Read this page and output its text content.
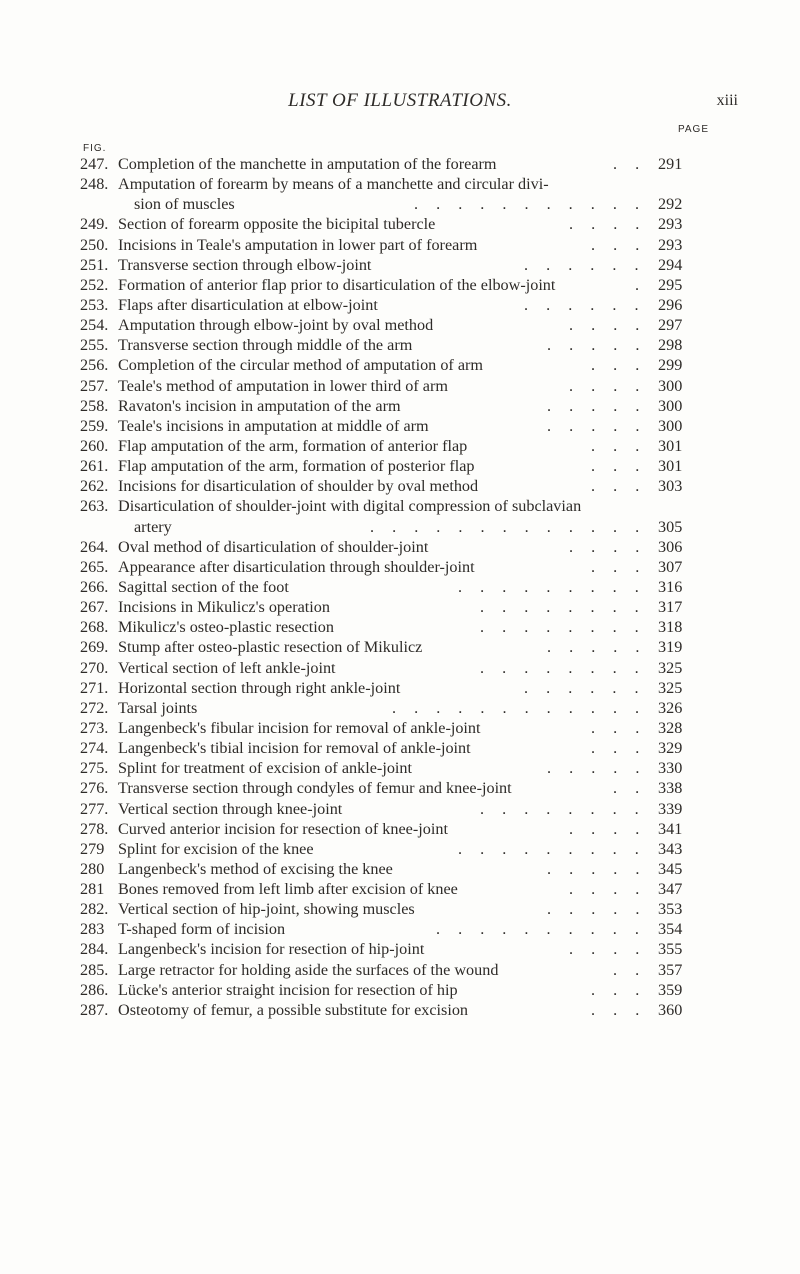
LIST OF ILLUSTRATIONS.	xiii
FIG.
PAGE
247. Completion of the manchette in amputation of the forearm	. . 291
248. Amputation of forearm by means of a manchette and circular divi-
sion of muscles	. . . . . . . . . . . 292
249. Section of forearm opposite the bicipital tubercle	. . . . 293
250. Incisions in Teale's amputation in lower part of forearm	. . . 293
251. Transverse section through elbow-joint	. . . . . . 294
252. Formation of anterior flap prior to disarticulation of the elbow-joint	. 295
253. Flaps after disarticulation at elbow-joint	. . . . . . 296
254. Amputation through elbow-joint by oval method	. . . . 297
255. Transverse section through middle of the arm	. . . . . 298
256. Completion of the circular method of amputation of arm	. . . 299
257. Teale's method of amputation in lower third of arm	. . . . 300
258. Ravaton's incision in amputation of the arm	. . . . . 300
259. Teale's incisions in amputation at middle of arm	. . . . . 300
260. Flap amputation of the arm, formation of anterior flap	. . . 301
261. Flap amputation of the arm, formation of posterior flap	. . . 301
262. Incisions for disarticulation of shoulder by oval method	. . . 303
263. Disarticulation of shoulder-joint with digital compression of subclavian
artery	. . . . . . . . . . . . . 305
264. Oval method of disarticulation of shoulder-joint	. . . . 306
265. Appearance after disarticulation through shoulder-joint	. . . 307
266. Sagittal section of the foot	. . . . . . . . . 316
267. Incisions in Mikulicz's operation	. . . . . . . . 317
268. Mikulicz's osteo-plastic resection	. . . . . . . . 318
269. Stump after osteo-plastic resection of Mikulicz	. . . . . 319
270. Vertical section of left ankle-joint	. . . . . . . . 325
271. Horizontal section through right ankle-joint	. . . . . . 325
272. Tarsal joints	. . . . . . . . . . . . 326
273. Langenbeck's fibular incision for removal of ankle-joint	. . . 328
274. Langenbeck's tibial incision for removal of ankle-joint	. . . 329
275. Splint for treatment of excision of ankle-joint	. . . . . 330
276. Transverse section through condyles of femur and knee-joint	. . 338
277. Vertical section through knee-joint	. . . . . . . . 339
278. Curved anterior incision for resection of knee-joint	. . . . 341
279 Splint for excision of the knee	. . . . . . . . . 343
280 Langenbeck's method of excising the knee	. . . . . 345
281 Bones removed from left limb after excision of knee	. . . . 347
282. Vertical section of hip-joint, showing muscles	. . . . . 353
283 T-shaped form of incision	. . . . . . . . . . 354
284. Langenbeck's incision for resection of hip-joint	. . . . 355
285. Large retractor for holding aside the surfaces of the wound	. . 357
286. Lücke's anterior straight incision for resection of hip	. . . 359
287. Osteotomy of femur, a possible substitute for excision	. . . 360
